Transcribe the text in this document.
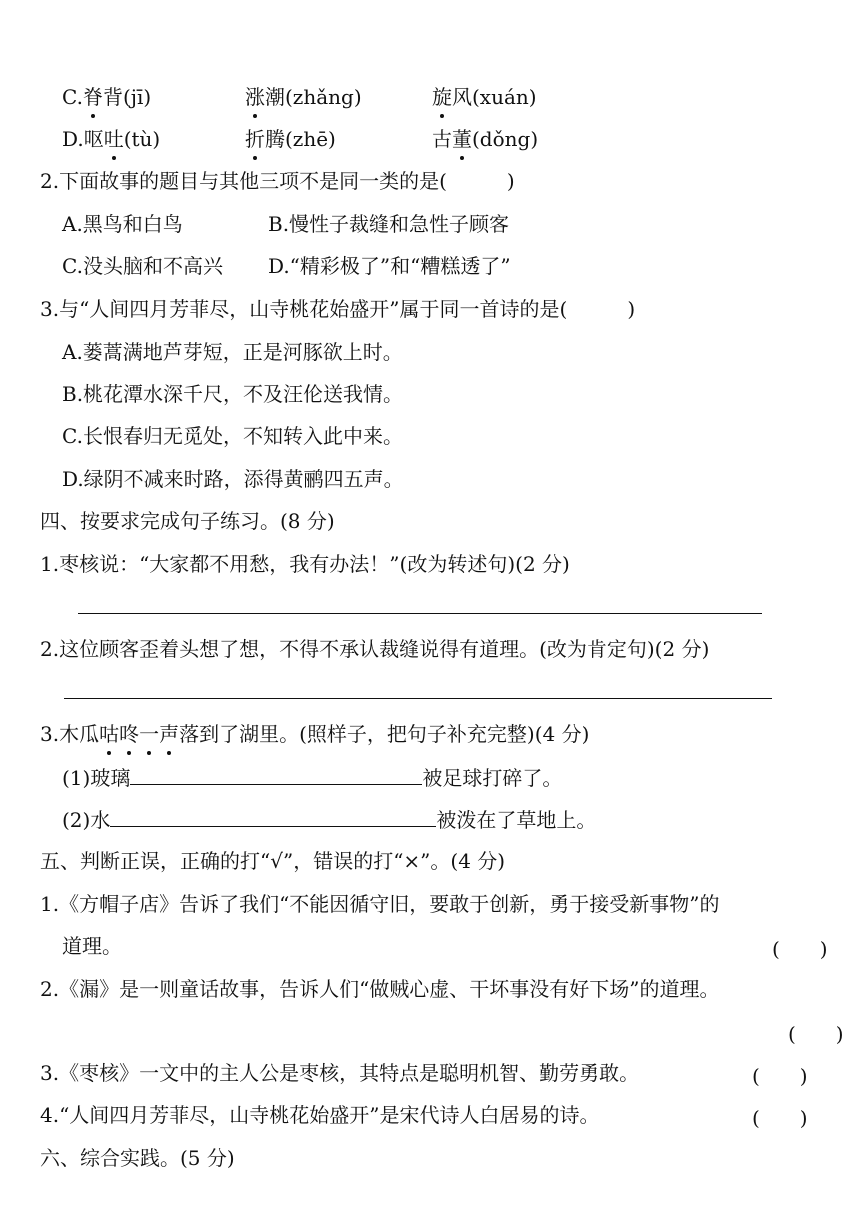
C.脊背(jī)	涨潮(zhǎng)	旋风(xuán)
D.呕吐(tù)	折腾(zhē)	古董(dǒng)
2.下面故事的题目与其他三项不是同一类的是(　　　)
A.黑鸟和白鸟	B.慢性子裁缝和急性子顾客
C.没头脑和不高兴 D.“精彩极了”和“糟糕透了”
3.与“人间四月芳菲尽，山寺桃花始盛开”属于同一首诗的是(　　　)
A.蒌蒿满地芦芽短，正是河豚欲上时。
B.桃花潭水深千尺，不及汪伦送我情。
C.长恨春归无觅处，不知转入此中来。
D.绿阴不减来时路，添得黄鹂四五声。
四、按要求完成句子练习。(8 分)
1.枣核说：“大家都不用愁，我有办法！”(改为转述句)(2 分)
2.这位顾客歪着头想了想，不得不承认裁缝说得有道理。(改为肯定句)(2 分)
3.木瓜咕咚一声落到了湖里。(照样子，把句子补充完整)(4 分)
(1)玻璃	被足球打碎了。
(2)水	被泼在了草地上。
五、判断正误，正确的打“√”，错误的打“×”。(4 分)
1.《方帽子店》告诉了我们“不能因循守旧，要敢于创新，勇于接受新事物”的
道理。	(　　)
2.《漏》是一则童话故事，告诉人们“做贼心虚、干坏事没有好下场”的道理。
(　　)
3.《枣核》一文中的主人公是枣核，其特点是聪明机智、勤劳勇敢。	(　　)
4.“人间四月芳菲尽，山寺桃花始盛开”是宋代诗人白居易的诗。	(　　)
六、综合实践。(5 分)
